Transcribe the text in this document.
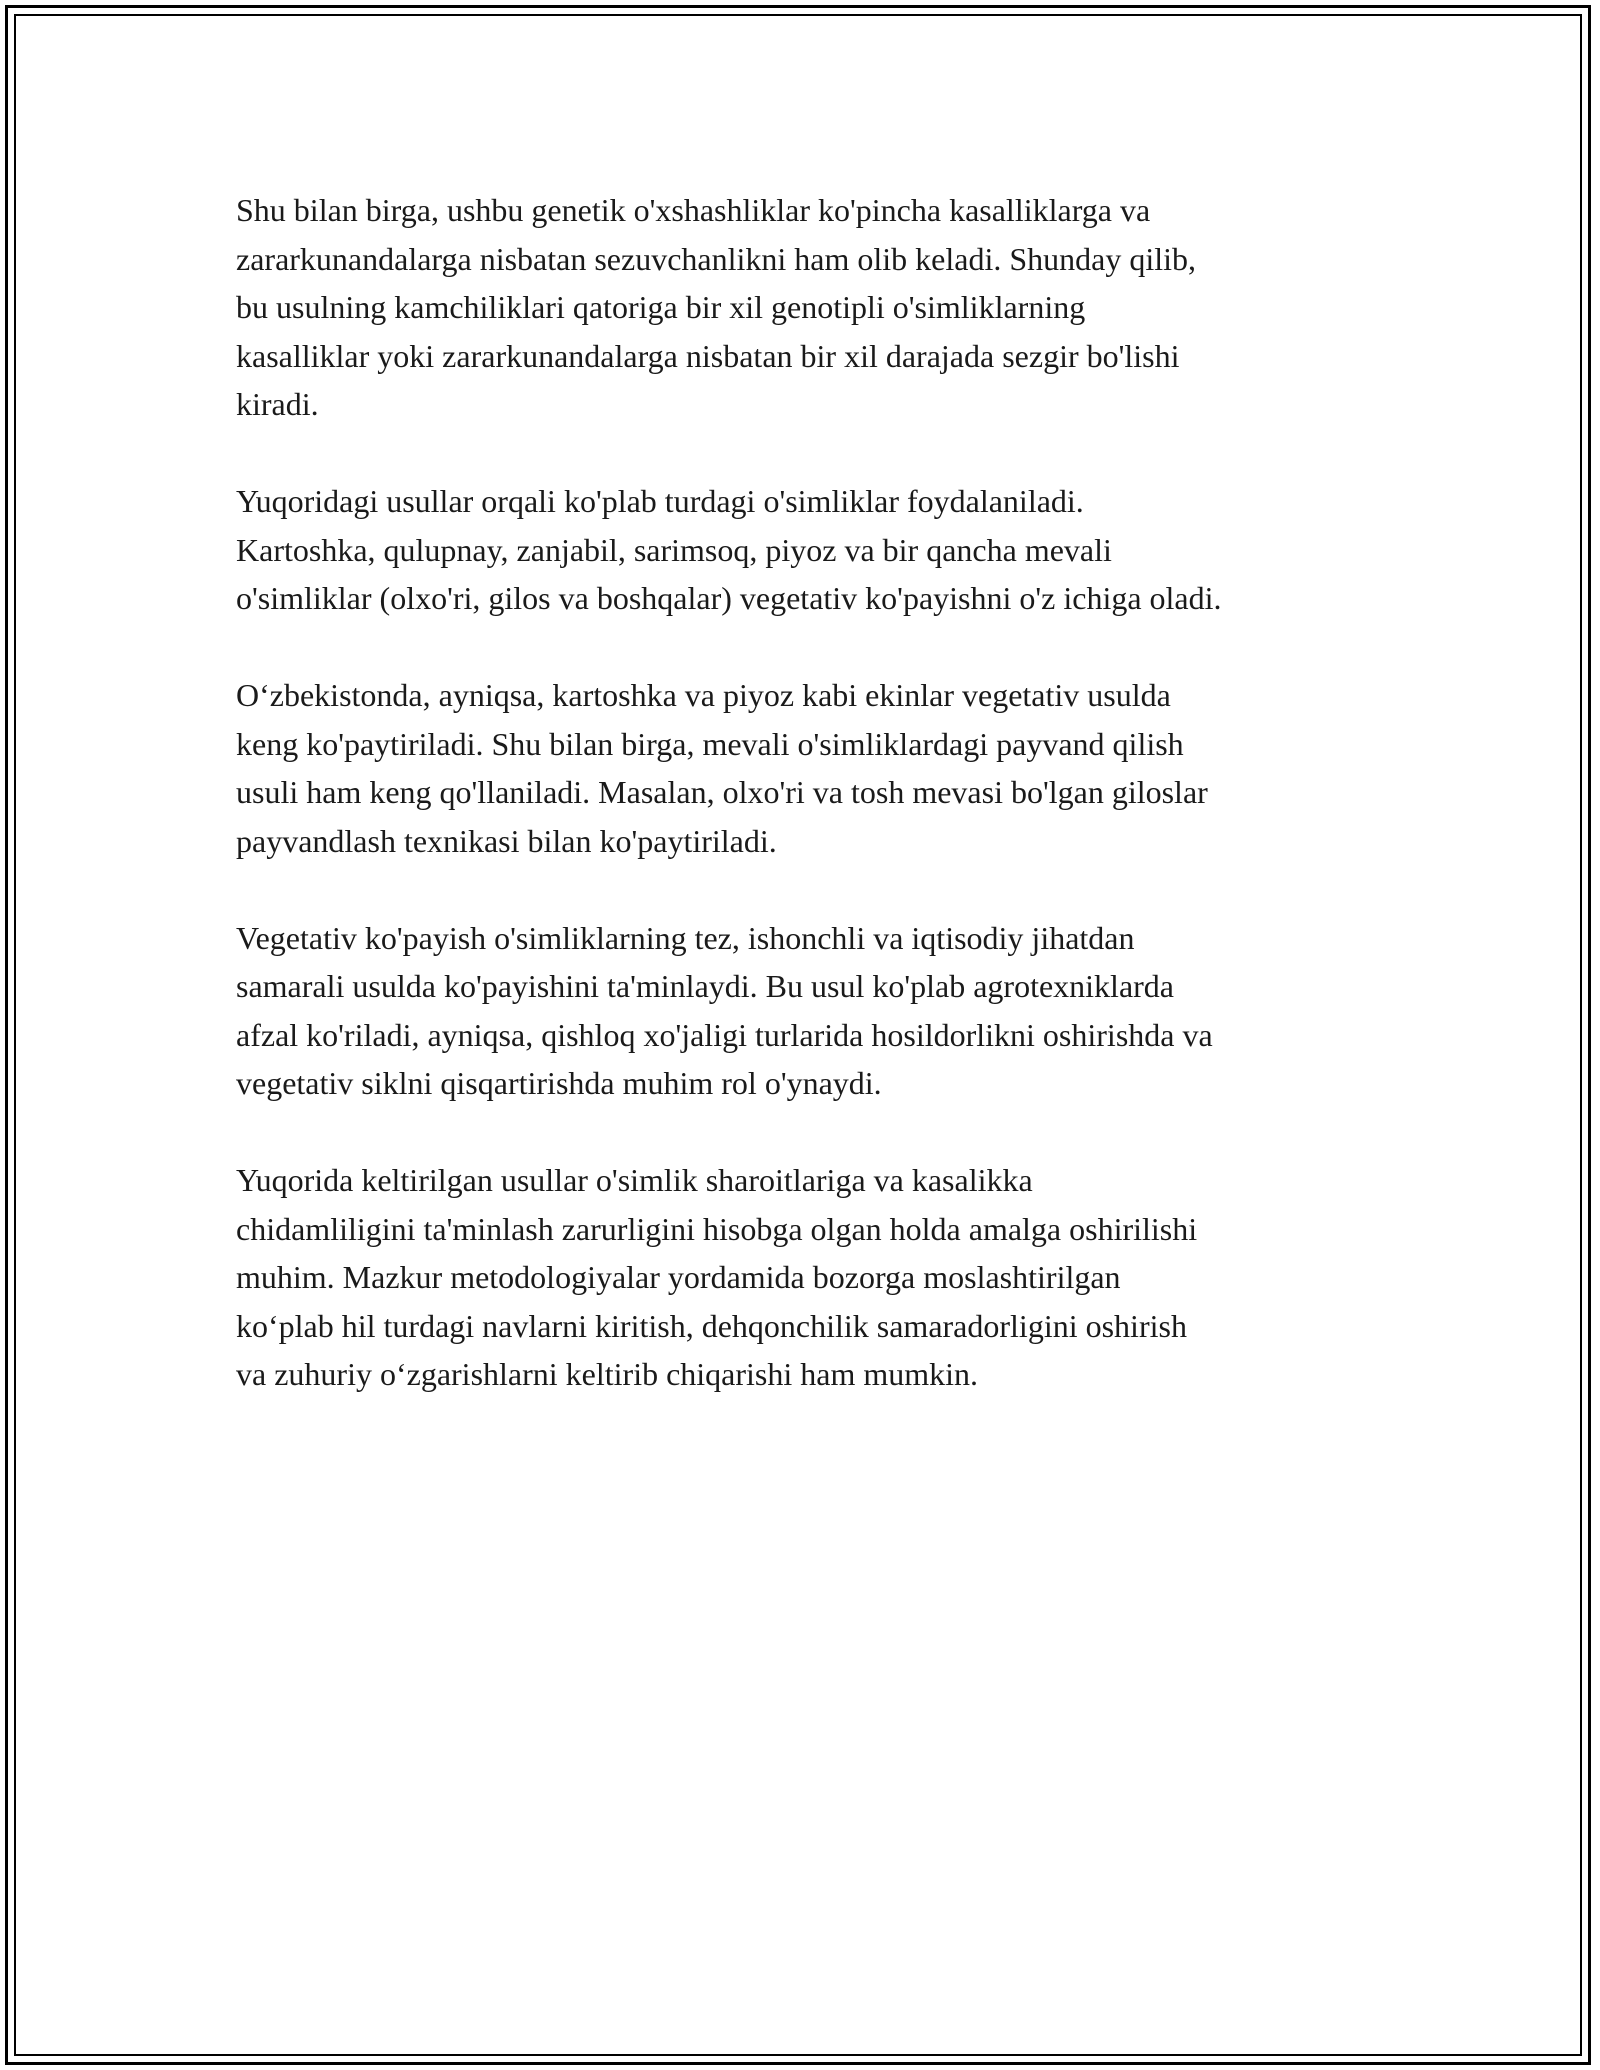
Shu bilan birga, ushbu genetik o'xshashliklar ko'pincha kasalliklarga va
zararkunandalarga nisbatan sezuvchanlikni ham olib keladi. Shunday qilib,
bu usulning kamchiliklari qatoriga bir xil genotipli o'simliklarning
kasalliklar yoki zararkunandalarga nisbatan bir xil darajada sezgir bo'lishi
kiradi.

Yuqoridagi usullar orqali ko'plab turdagi o'simliklar foydalaniladi.
Kartoshka, qulupnay, zanjabil, sarimsoq, piyoz va bir qancha mevali
o'simliklar (olxo'ri, gilos va boshqalar) vegetativ ko'payishni o'z ichiga oladi.

O‘zbekistonda, ayniqsa, kartoshka va piyoz kabi ekinlar vegetativ usulda
keng ko'paytiriladi. Shu bilan birga, mevali o'simliklardagi payvand qilish
usuli ham keng qo'llaniladi. Masalan, olxo'ri va tosh mevasi bo'lgan giloslar
payvandlash texnikasi bilan ko'paytiriladi.

Vegetativ ko'payish o'simliklarning tez, ishonchli va iqtisodiy jihatdan
samarali usulda ko'payishini ta'minlaydi. Bu usul ko'plab agrotexniklarda
afzal ko'riladi, ayniqsa, qishloq xo'jaligi turlarida hosildorlikni oshirishda va
vegetativ siklni qisqartirishda muhim rol o'ynaydi.

Yuqorida keltirilgan usullar o'simlik sharoitlariga va kasalikka
chidamliligini ta'minlash zarurligini hisobga olgan holda amalga oshirilishi
muhim. Mazkur metodologiyalar yordamida bozorga moslashtirilgan
ko‘plab hil turdagi navlarni kiritish, dehqonchilik samaradorligini oshirish
va zuhuriy o‘zgarishlarni keltirib chiqarishi ham mumkin.
